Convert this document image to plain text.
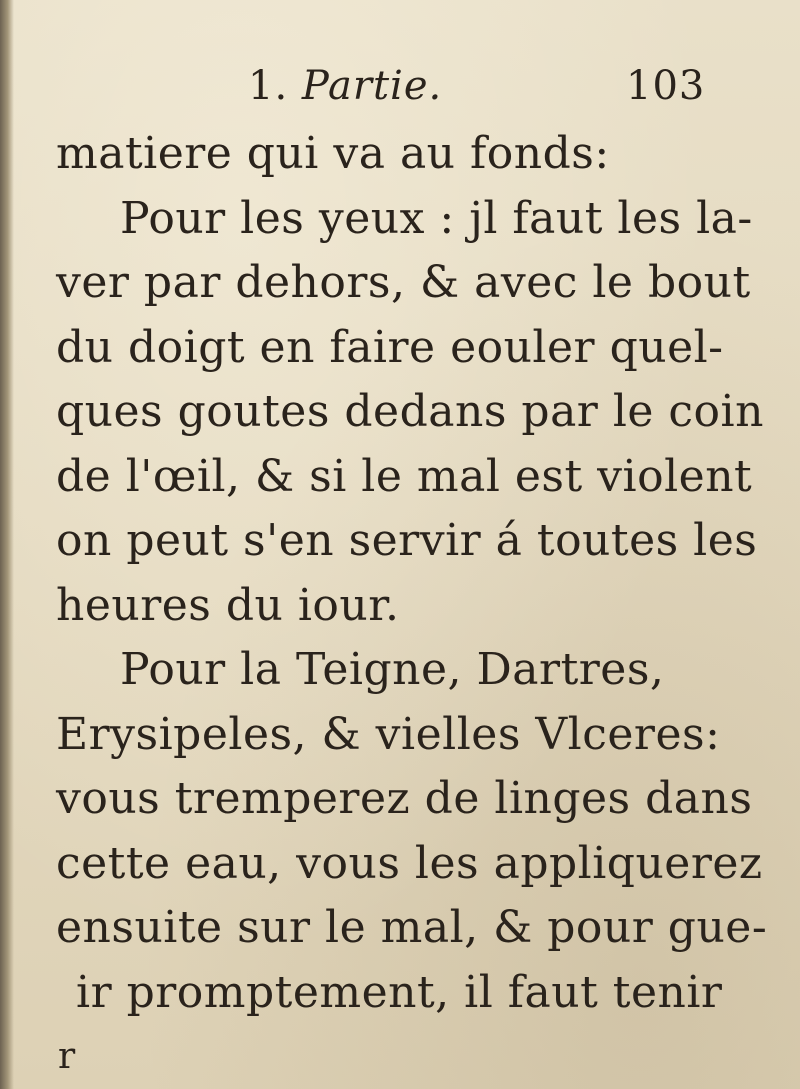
1. Partie.	103
matiere qui va au fonds:
Pour les yeux : jl faut les la-
ver par dehors, & avec le bout
du doigt en faire eouler quel-
ques goutes dedans par le coin
de l'œil, & si le mal est violent
on peut s'en servir á toutes les
heures du iour.
Pour la Teigne, Dartres,
Erysipeles, & vielles Vlceres:
vous tremperez de linges dans
cette eau, vous les appliquerez
ensuite sur le mal, & pour gue-
ir promptement, il faut tenir
r
